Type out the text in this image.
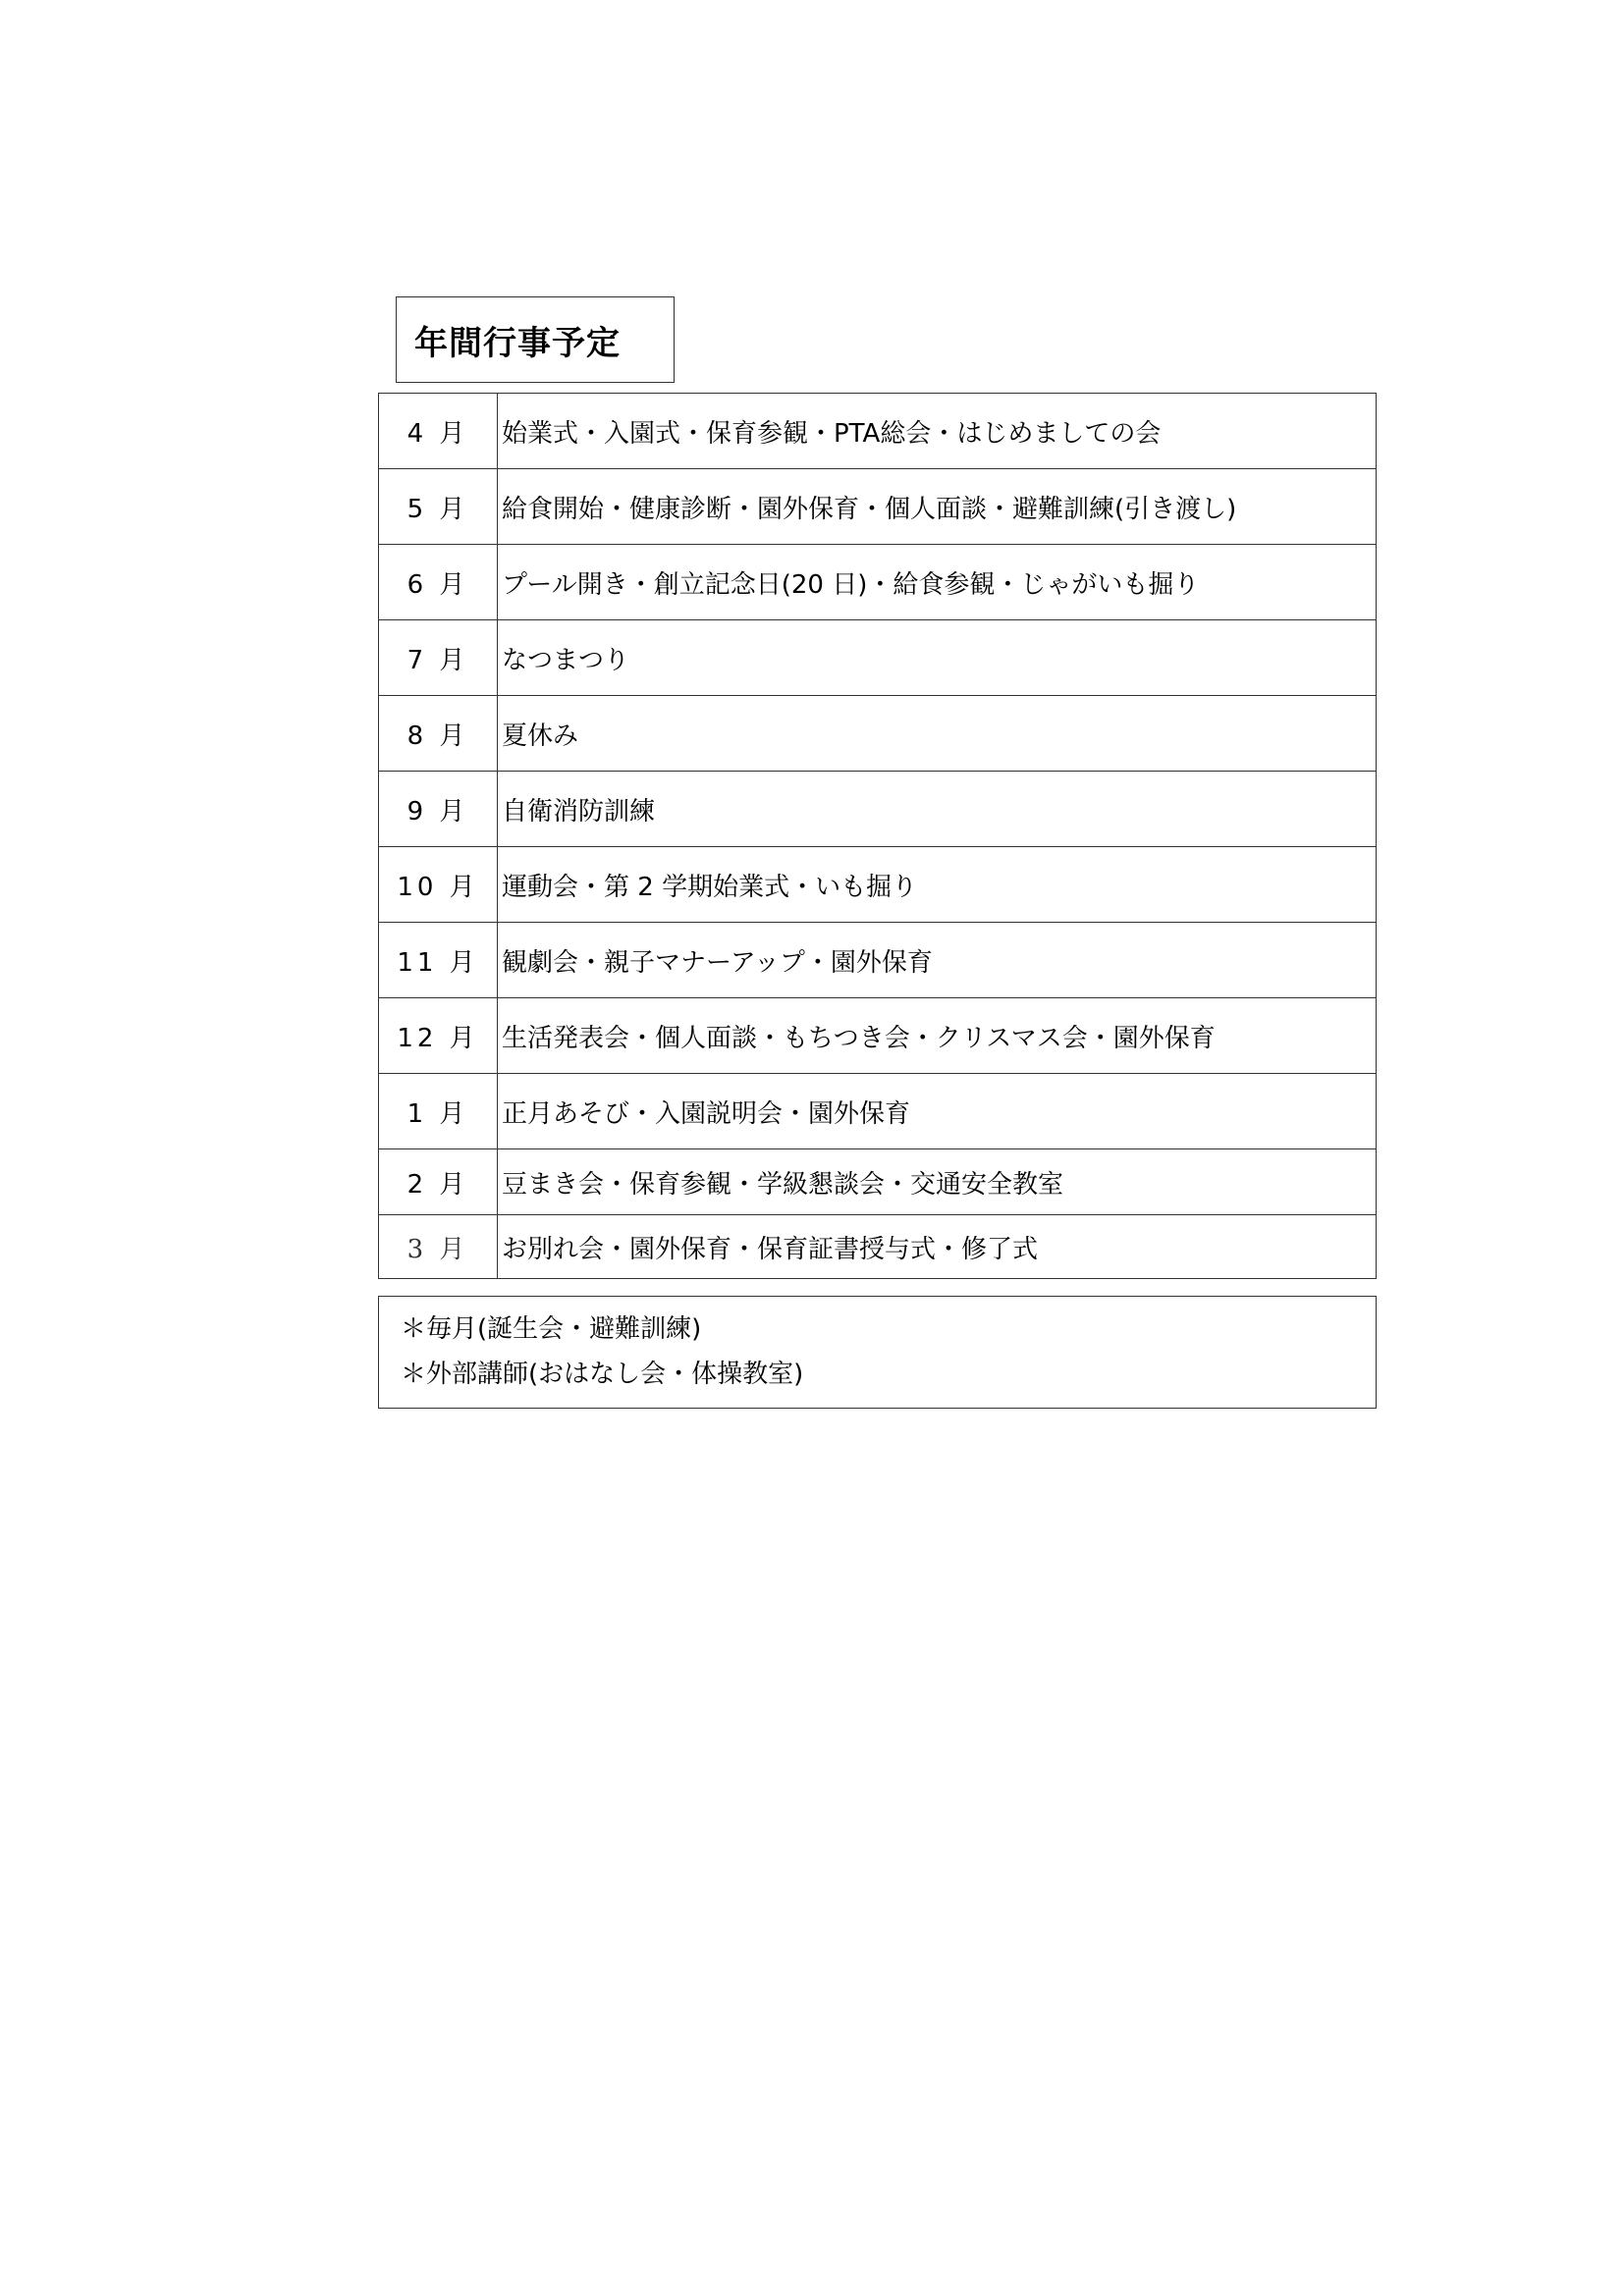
年間行事予定
4 月	始業式・入園式・保育参観・PTA総会・はじめましての会
5 月	給食開始・健康診断・園外保育・個人面談・避難訓練(引き渡し)
6 月	プール開き・創立記念日(20 日)・給食参観・じゃがいも掘り
7 月	なつまつり
8 月	夏休み
9 月	自衛消防訓練
10 月	運動会・第 2 学期始業式・いも掘り
11 月	観劇会・親子マナーアップ・園外保育
12 月	生活発表会・個人面談・もちつき会・クリスマス会・園外保育
1 月	正月あそび・入園説明会・園外保育
2 月	豆まき会・保育参観・学級懇談会・交通安全教室
3 月	お別れ会・園外保育・保育証書授与式・修了式
＊毎月(誕生会・避難訓練)
＊外部講師(おはなし会・体操教室)
